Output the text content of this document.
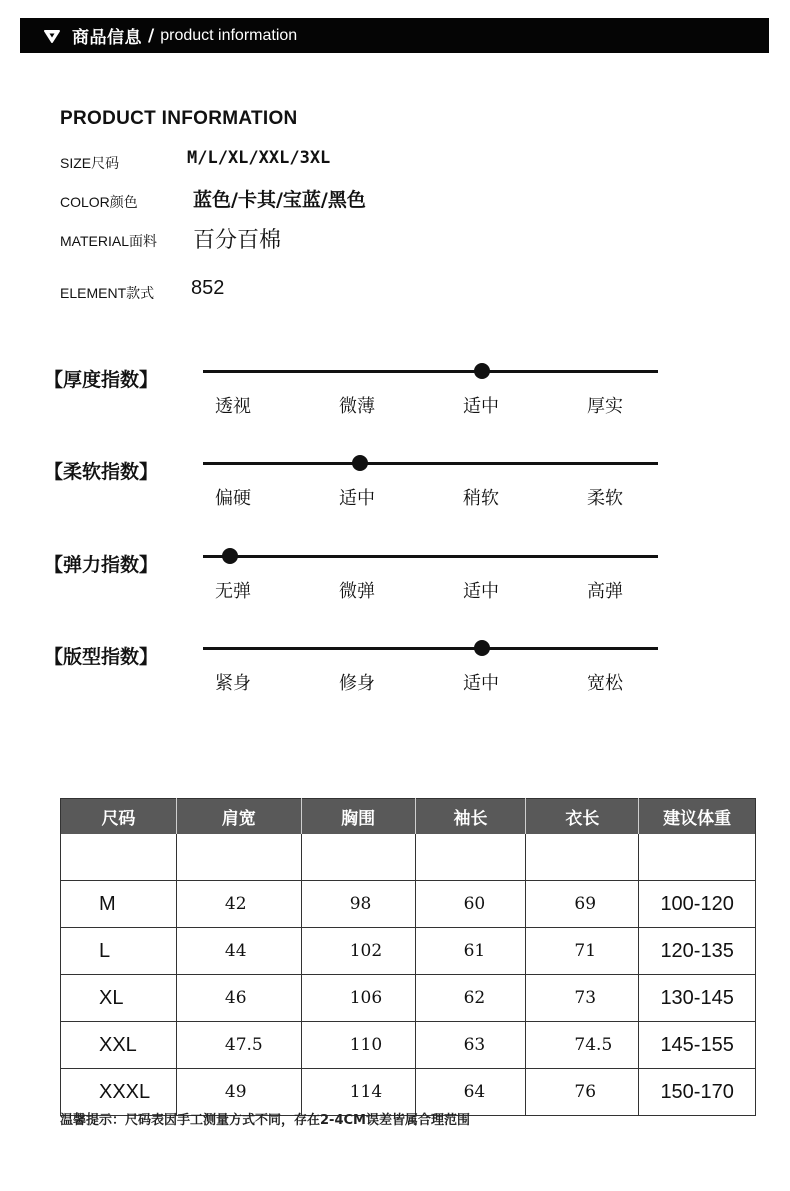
商品信息 / product information
PRODUCT INFORMATION
SIZE尺码	M/L/XL/XXL/3XL
COLOR颜色	蓝色/卡其/宝蓝/黑色
MATERIAL面料 百分百棉
ELEMENT款式 852
【厚度指数】
透视	微薄	适中	厚实
【柔软指数】
偏硬	适中	稍软	柔软
【弹力指数】
无弹	微弹	适中	高弹
【版型指数】
紧身	修身	适中	宽松
尺码	肩宽	胸围	袖长	衣长	建议体重

M	42	98	60	69	100-120
L	44	102	61	71	120-135
XL	46	106	62	73	130-145
XXL	47.5	110	63	74.5	145-155
XXXL	49	114	64	76	150-170
温馨提示：尺码表因手工测量方式不同，存在2-4CM误差皆属合理范围
